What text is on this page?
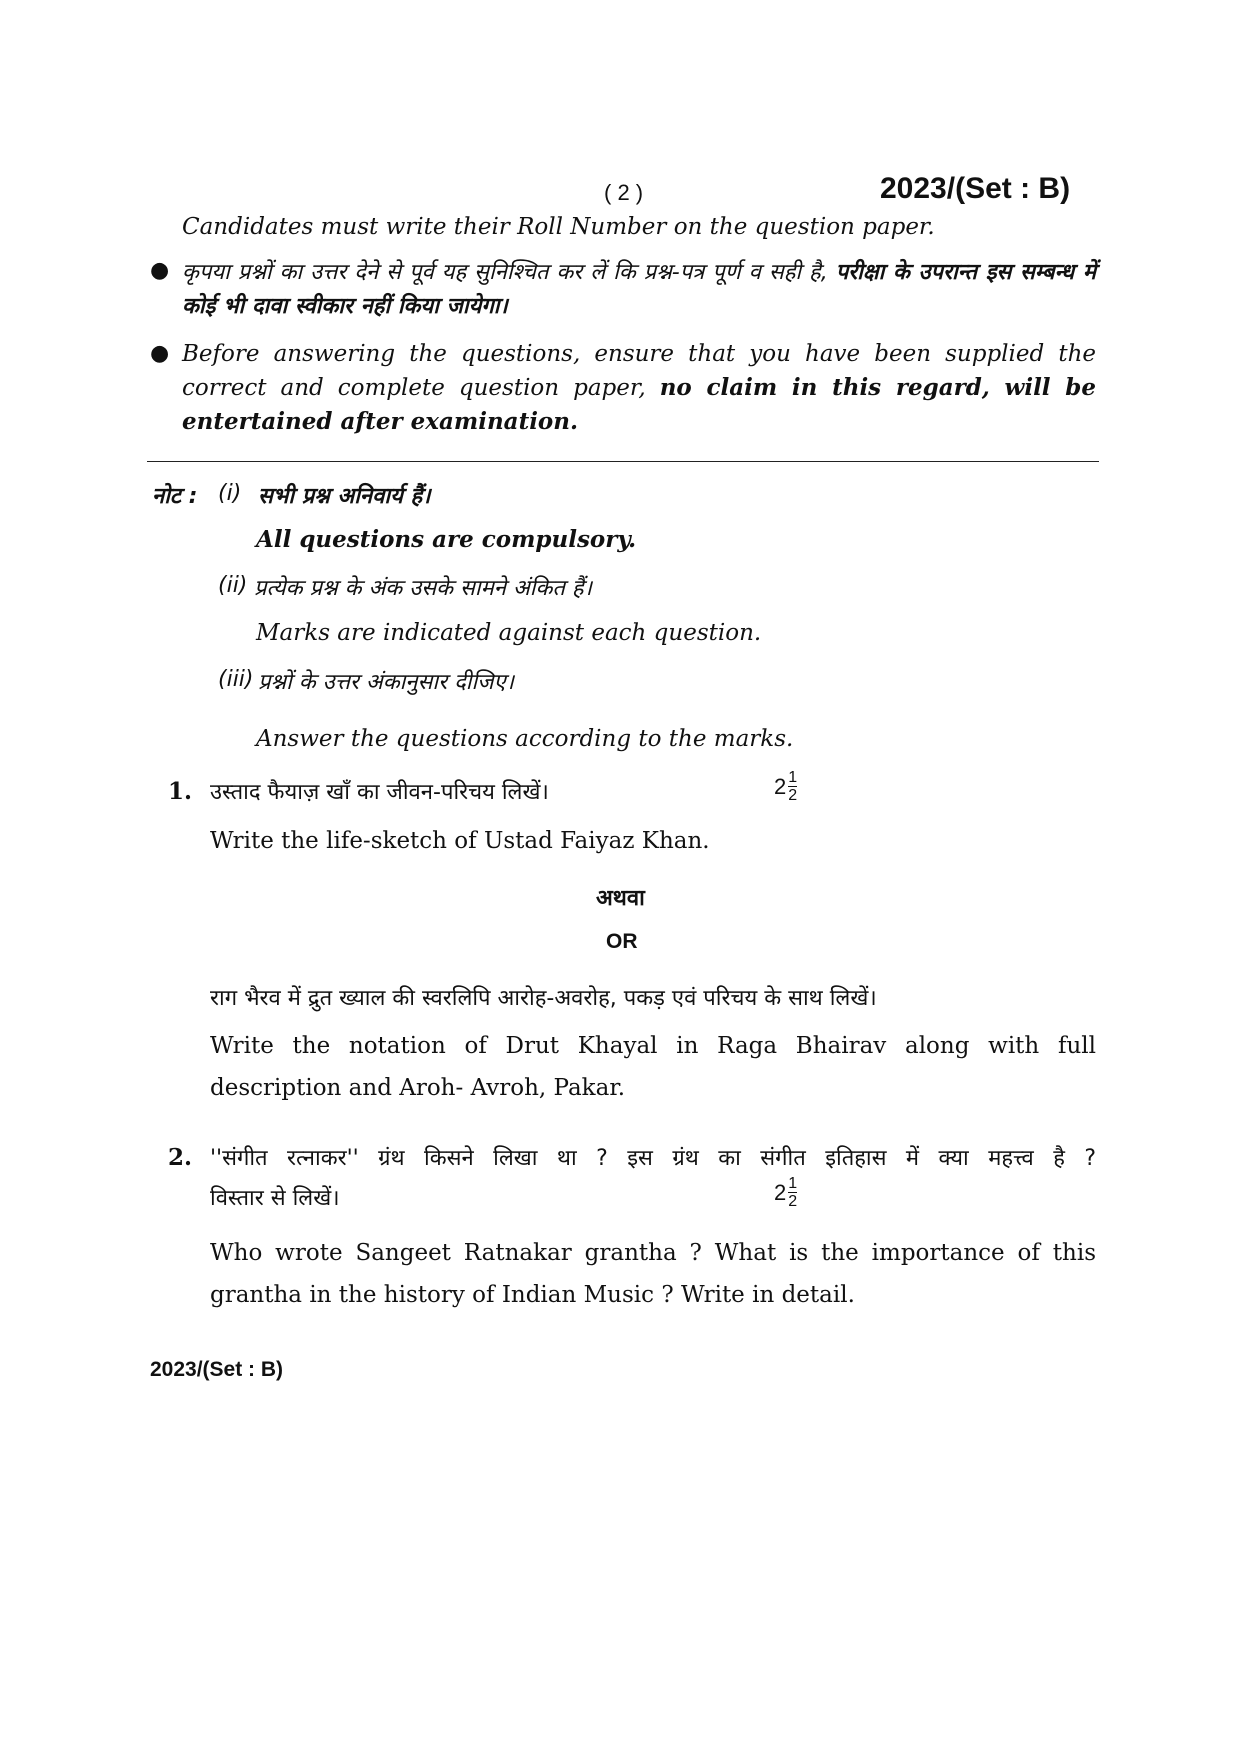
( 2 )	2023/(Set : B)
Candidates must write their Roll Number on the question paper.
● कृपया प्रश्नों का उत्तर देने से पूर्व यह सुनिश्चित कर लें कि प्रश्न-पत्र पूर्ण व सही है, परीक्षा के उपरान्त इस सम्बन्ध में कोई भी दावा स्वीकार नहीं किया जायेगा।
● Before answering the questions, ensure that you have been supplied the correct and complete question paper, no claim in this regard, will be entertained after examination.
नोट : (i) सभी प्रश्न अनिवार्य हैं।
All questions are compulsory.
(ii) प्रत्येक प्रश्न के अंक उसके सामने अंकित हैं।
Marks are indicated against each question.
(iii) प्रश्नों के उत्तर अंकानुसार दीजिए।
Answer the questions according to the marks.
1. उस्ताद फैयाज़ खाँ का जीवन-परिचय लिखें।	$2 \frac{1}{2}$
Write the life-sketch of Ustad Faiyaz Khan.
अथवा
OR
राग भैरव में द्रुत ख्याल की स्वरलिपि आरोह-अवरोह, पकड़ एवं परिचय के साथ लिखें।
Write the notation of Drut Khayal in Raga Bhairav along with full description and Aroh- Avroh, Pakar.
2. ''संगीत रत्नाकर'' ग्रंथ किसने लिखा था ? इस ग्रंथ का संगीत इतिहास में क्या महत्त्व है ?
विस्तार से लिखें।	$2 \frac{1}{2}$
Who wrote Sangeet Ratnakar grantha ? What is the importance of this grantha in the history of Indian Music ? Write in detail.
2023/(Set : B)
